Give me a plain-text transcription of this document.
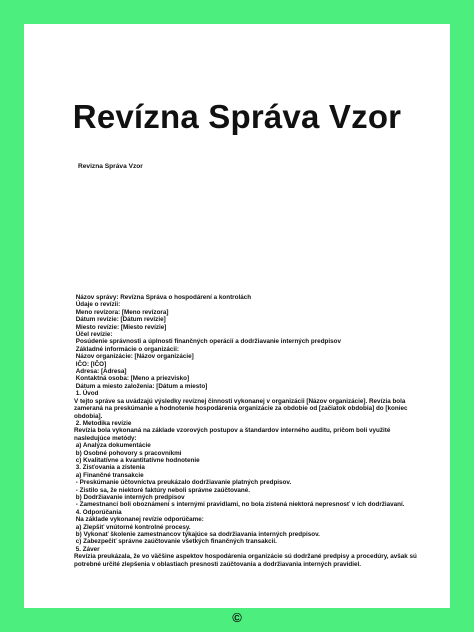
Revízna Správa Vzor
Revizna Správa Vzor
Názov správy: Revízna Správa o hospodárení a kontrolách
Údaje o revízii:
Meno revízora: [Meno revízora]
Dátum revízie: [Dátum revízie]
Miesto revízie: [Miesto revízie]
Účel revízie:
Posúdenie správnosti a úplnosti finančných operácií a dodržiavanie interných predpisov
Základné informácie o organizácii:
Názov organizácie: [Názov organizácie]
IČO: [IČO]
Adresa: [Adresa]
Kontaktná osoba: [Meno a priezvisko]
Dátum a miesto založenia: [Dátum a miesto]
1. Úvod
V tejto správe sa uvádzajú výsledky revíznej činnosti vykonanej v organizácii [Názov organizácie]. Revízia bola zameraná na preskúmanie a hodnotenie hospodárenia organizácie za obdobie od [začiatok obdobia] do [koniec obdobia].
2. Metodika revízie
Revízia bola vykonaná na základe vzorových postupov a štandardov interného auditu, pričom boli využité nasledujúce metódy:
a) Analýza dokumentácie
b) Osobné pohovory s pracovníkmi
c) Kvalitatívne a kvantitatívne hodnotenie
3. Zisťovania a zistenia
a) Finančné transakcie
- Preskúmanie účtovníctva preukázalo dodržiavanie platných predpisov.
- Zistilo sa, že niektoré faktúry neboli správne zaúčtované.
b) Dodržiavanie interných predpisov
- Zamestnanci boli oboznámení s internými pravidlami, no bola zistená niektorá nepresnosť v ich dodržiavaní.
4. Odporúčania
Na základe vykonanej revízie odporúčame:
a) Zlepšiť vnútorné kontrolné procesy.
b) Vykonať školenie zamestnancov týkajúce sa dodržiavania interných predpisov.
c) Zabezpečiť správne zaúčtovanie všetkých finančných transakcií.
5. Záver
Revízia preukázala, že vo väčšine aspektov hospodárenia organizácie sú dodržané predpisy a procedúry, avšak sú potrebné určité zlepšenia v oblastiach presnosti zaúčtovania a dodržiavania interných pravidiel.
©
